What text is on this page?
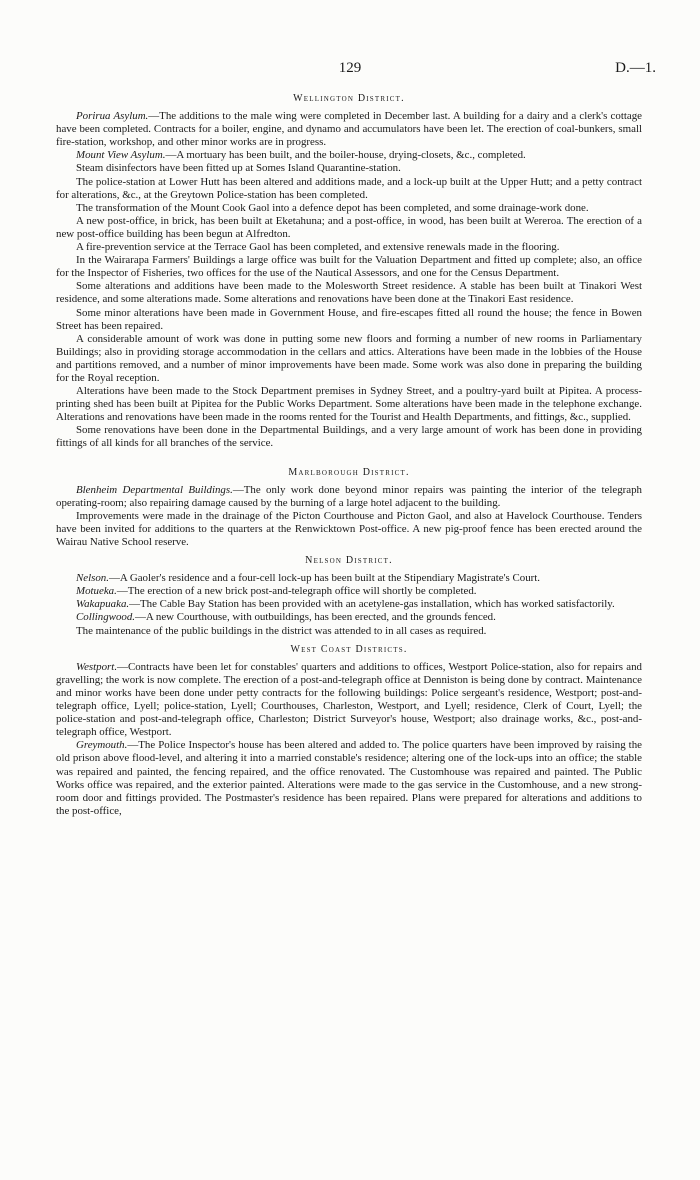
129	D.—1.
Wellington District.

Porirua Asylum.—The additions to the male wing were completed in December last. A building for a dairy and a clerk's cottage have been completed. Contracts for a boiler, engine, and dynamo and accumulators have been let. The erection of coal-bunkers, small fire-station, workshop, and other minor works are in progress.

Mount View Asylum.—A mortuary has been built, and the boiler-house, drying-closets, &c., completed.

Steam disinfectors have been fitted up at Somes Island Quarantine-station.

The police-station at Lower Hutt has been altered and additions made, and a lock-up built at the Upper Hutt; and a petty contract for alterations, &c., at the Greytown Police-station has been completed.

The transformation of the Mount Cook Gaol into a defence depot has been completed, and some drainage-work done.

A new post-office, in brick, has been built at Eketahuna; and a post-office, in wood, has been built at Wereroa. The erection of a new post-office building has been begun at Alfredton.

A fire-prevention service at the Terrace Gaol has been completed, and extensive renewals made in the flooring.

In the Wairarapa Farmers' Buildings a large office was built for the Valuation Department and fitted up complete; also, an office for the Inspector of Fisheries, two offices for the use of the Nautical Assessors, and one for the Census Department.

Some alterations and additions have been made to the Molesworth Street residence. A stable has been built at Tinakori West residence, and some alterations made. Some alterations and renovations have been done at the Tinakori East residence.

Some minor alterations have been made in Government House, and fire-escapes fitted all round the house; the fence in Bowen Street has been repaired.

A considerable amount of work was done in putting some new floors and forming a number of new rooms in Parliamentary Buildings; also in providing storage accommodation in the cellars and attics. Alterations have been made in the lobbies of the House and partitions removed, and a number of minor improvements have been made. Some work was also done in preparing the building for the Royal reception.

Alterations have been made to the Stock Department premises in Sydney Street, and a poultry-yard built at Pipitea. A process-printing shed has been built at Pipitea for the Public Works Department. Some alterations have been made in the telephone exchange. Alterations and renovations have been made in the rooms rented for the Tourist and Health Departments, and fittings, &c., supplied.

Some renovations have been done in the Departmental Buildings, and a very large amount of work has been done in providing fittings of all kinds for all branches of the service.

Marlborough District.

Blenheim Departmental Buildings.—The only work done beyond minor repairs was painting the interior of the telegraph operating-room; also repairing damage caused by the burning of a large hotel adjacent to the building.

Improvements were made in the drainage of the Picton Courthouse and Picton Gaol, and also at Havelock Courthouse. Tenders have been invited for additions to the quarters at the Renwicktown Post-office. A new pig-proof fence has been erected around the Wairau Native School reserve.

Nelson District.

Nelson.—A Gaoler's residence and a four-cell lock-up has been built at the Stipendiary Magistrate's Court.

Motueka.—The erection of a new brick post-and-telegraph office will shortly be completed.

Wakapuaka.—The Cable Bay Station has been provided with an acetylene-gas installation, which has worked satisfactorily.

Collingwood.—A new Courthouse, with outbuildings, has been erected, and the grounds fenced.

The maintenance of the public buildings in the district was attended to in all cases as required.

West Coast Districts.

Westport.—Contracts have been let for constables' quarters and additions to offices, Westport Police-station, also for repairs and gravelling; the work is now complete. The erection of a post-and-telegraph office at Denniston is being done by contract. Maintenance and minor works have been done under petty contracts for the following buildings: Police sergeant's residence, Westport; post-and-telegraph office, Lyell; police-station, Lyell; Courthouses, Charleston, Westport, and Lyell; residence, Clerk of Court, Lyell; the police-station and post-and-telegraph office, Charleston; District Surveyor's house, Westport; also drainage works, &c., post-and-telegraph office, Westport.

Greymouth.—The Police Inspector's house has been altered and added to. The police quarters have been improved by raising the old prison above flood-level, and altering it into a married constable's residence; altering one of the lock-ups into an office; the stable was repaired and painted, the fencing repaired, and the office renovated. The Customhouse was repaired and painted. The Public Works office was repaired, and the exterior painted. Alterations were made to the gas service in the Customhouse, and a new strong-room door and fittings provided. The Postmaster's residence has been repaired. Plans were prepared for alterations and additions to the post-office,
